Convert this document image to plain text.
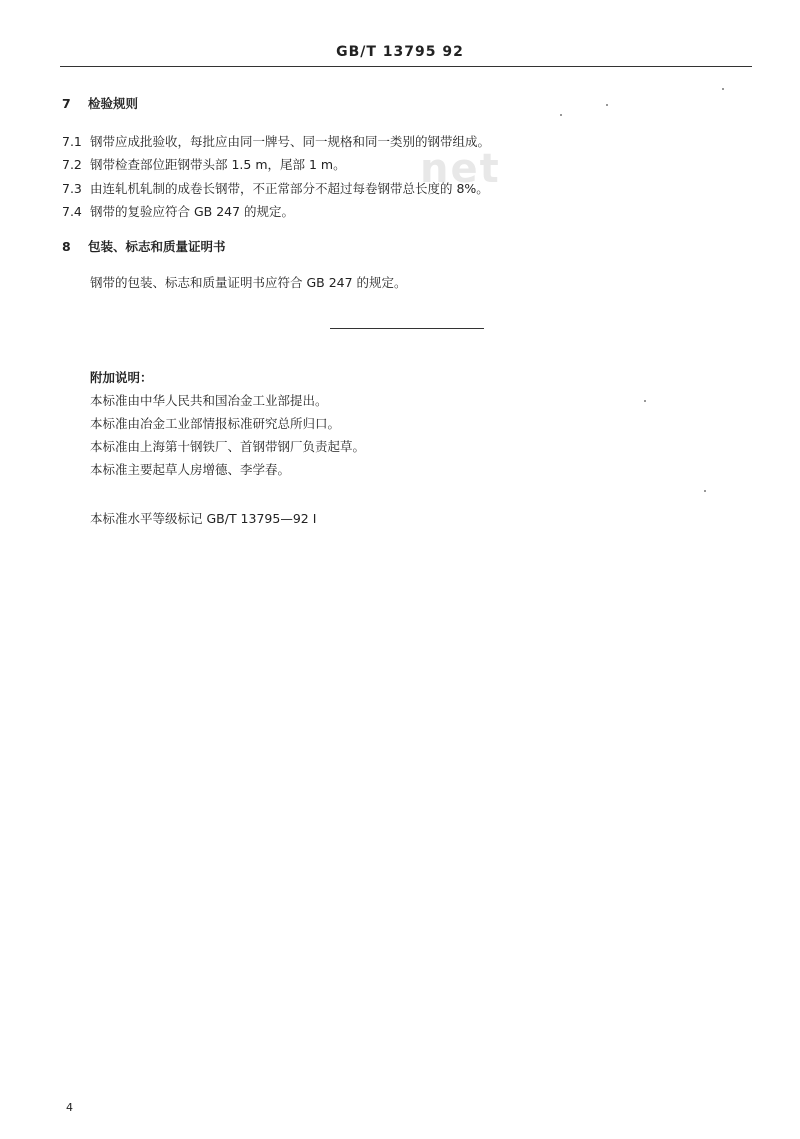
GB/T 13795 92
net
7 检验规则
7.1 钢带应成批验收，每批应由同一牌号、同一规格和同一类别的钢带组成。
7.2 钢带检查部位距钢带头部 1.5 m，尾部 1 m。
7.3 由连轧机轧制的成卷长钢带，不正常部分不超过每卷钢带总长度的 8%。
7.4 钢带的复验应符合 GB 247 的规定。
8 包装、标志和质量证明书
钢带的包装、标志和质量证明书应符合 GB 247 的规定。
附加说明：
本标准由中华人民共和国冶金工业部提出。
本标准由冶金工业部情报标准研究总所归口。
本标准由上海第十钢铁厂、首钢带钢厂负责起草。
本标准主要起草人房增德、李学春。
本标准水平等级标记 GB/T 13795—92 I
4
